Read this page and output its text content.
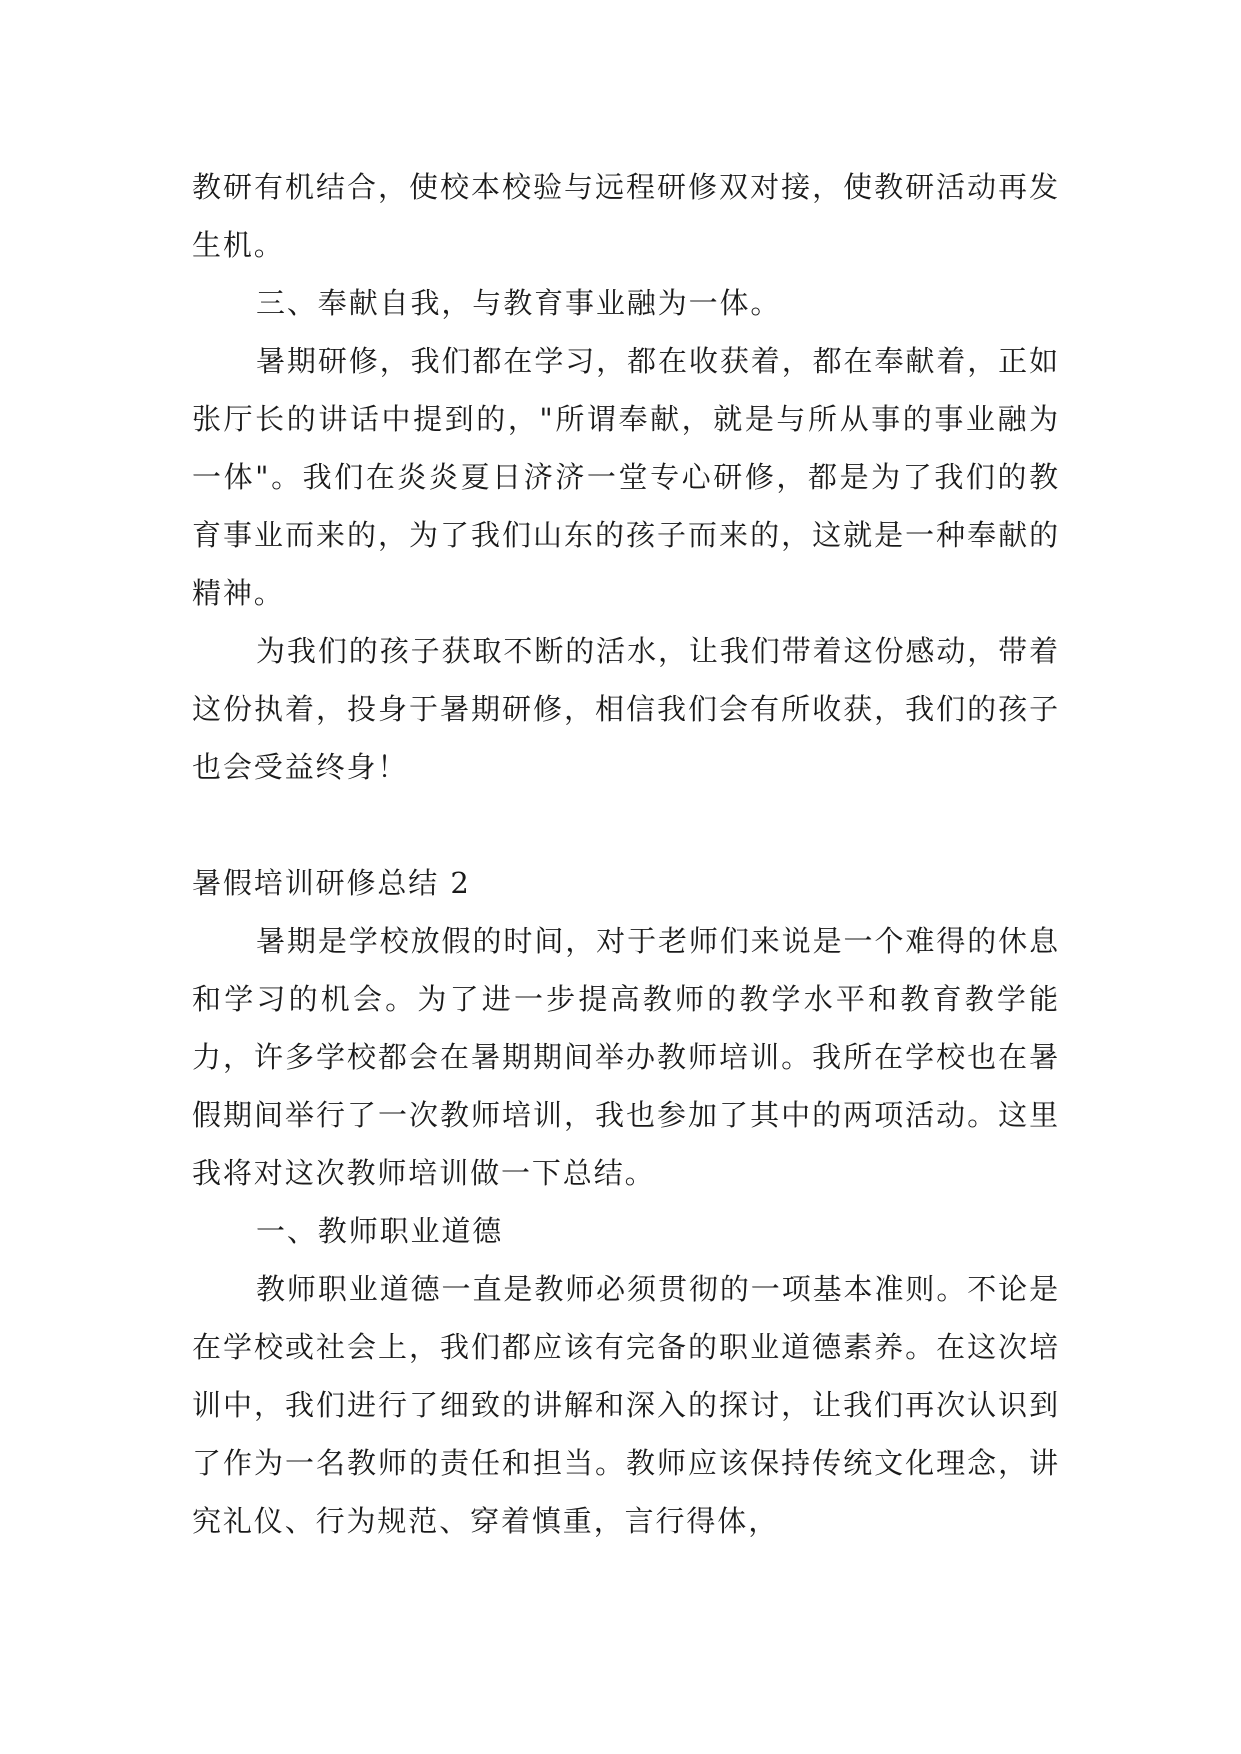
教研有机结合，使校本校验与远程研修双对接，使教研活动再发生机。

三、奉献自我，与教育事业融为一体。

暑期研修，我们都在学习，都在收获着，都在奉献着，正如张厅长的讲话中提到的，"所谓奉献，就是与所从事的事业融为一体"。我们在炎炎夏日济济一堂专心研修，都是为了我们的教育事业而来的，为了我们山东的孩子而来的，这就是一种奉献的精神。

为我们的孩子获取不断的活水，让我们带着这份感动，带着这份执着，投身于暑期研修，相信我们会有所收获，我们的孩子也会受益终身！

暑假培训研修总结 2

暑期是学校放假的时间，对于老师们来说是一个难得的休息和学习的机会。为了进一步提高教师的教学水平和教育教学能力，许多学校都会在暑期期间举办教师培训。我所在学校也在暑假期间举行了一次教师培训，我也参加了其中的两项活动。这里我将对这次教师培训做一下总结。

一、教师职业道德

教师职业道德一直是教师必须贯彻的一项基本准则。不论是在学校或社会上，我们都应该有完备的职业道德素养。在这次培训中，我们进行了细致的讲解和深入的探讨，让我们再次认识到了作为一名教师的责任和担当。教师应该保持传统文化理念，讲究礼仪、行为规范、穿着慎重，言行得体，
